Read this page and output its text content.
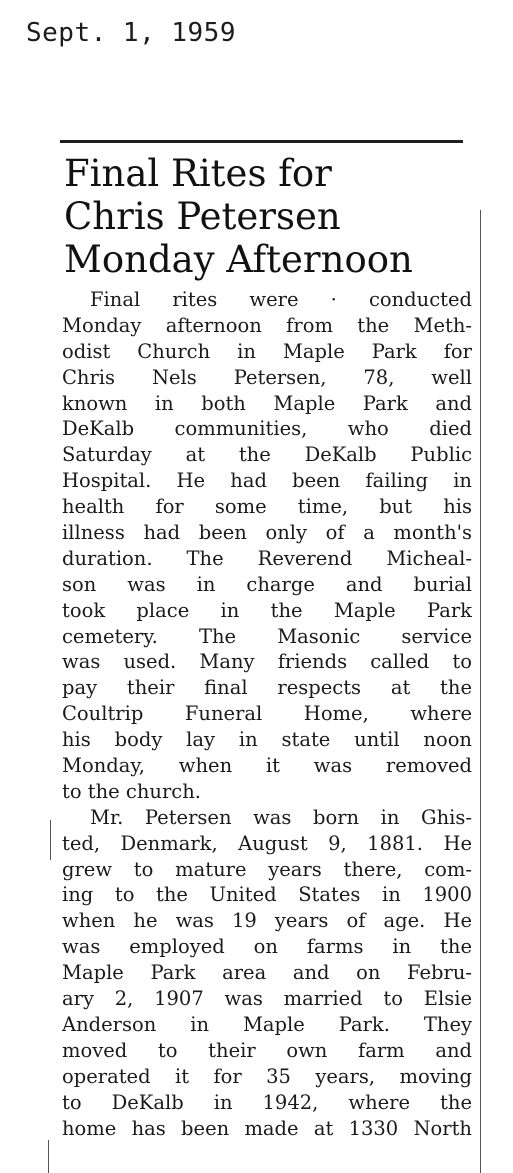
Sept. 1, 1959
Final Rites for
Chris Petersen
Monday Afternoon
Final rites were · conducted
Monday afternoon from the Meth-
odist Church in Maple Park for
Chris Nels Petersen, 78, well
known in both Maple Park and
DeKalb communities, who died
Saturday at the DeKalb Public
Hospital. He had been failing in
health for some time, but his
illness had been only of a month's
duration. The Reverend Micheal-
son was in charge and burial
took place in the Maple Park
cemetery. The Masonic service
was used. Many friends called to
pay their final respects at the
Coultrip Funeral Home, where
his body lay in state until noon
Monday, when it was removed
to the church.
Mr. Petersen was born in Ghis-
ted, Denmark, August 9, 1881. He
grew to mature years there, com-
ing to the United States in 1900
when he was 19 years of age. He
was employed on farms in the
Maple Park area and on Febru-
ary 2, 1907 was married to Elsie
Anderson in Maple Park. They
moved to their own farm and
operated it for 35 years, moving
to DeKalb in 1942, where the
home has been made at 1330 North
